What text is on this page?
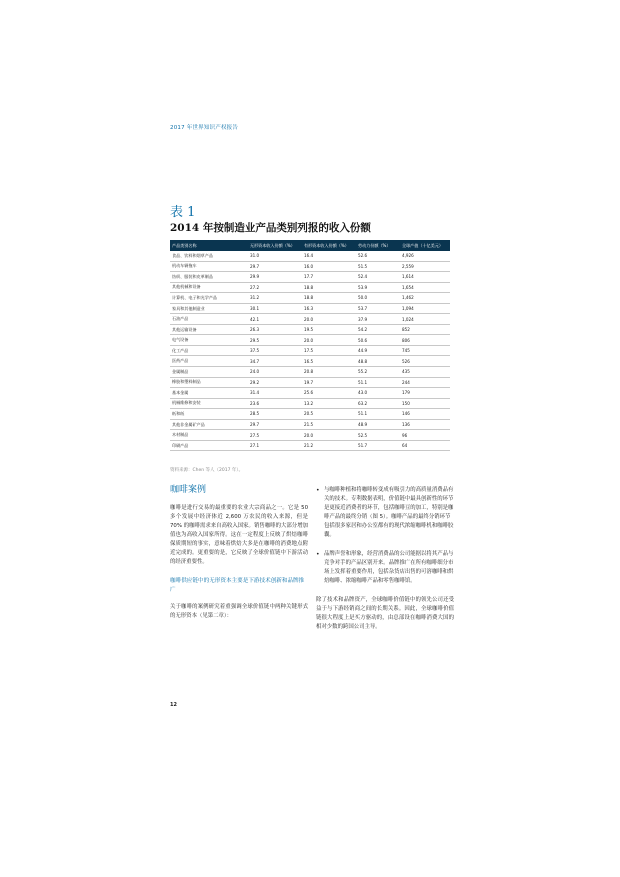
2017 年世界知识产权报告
表 1
2014 年按制造业产品类别列报的收入份额
产品类别名称	无形资本收入份额（%）	有形资本收入份额（%）	劳动力份额（%）	全球产值（十亿美元）
食品、饮料和烟草产品	31.0	16.4	52.6	4,926
机动车辆拖车	29.7	16.0	51.5	2,559
纺织、服装和皮革制品	29.9	17.7	52.4	1,614
其他机械和设备	27.2	18.8	53.9	1,654
计算机、电子和光学产品	31.2	18.8	50.0	1,462
家具和其他制造业	30.1	16.3	53.7	1,094
石油产品	42.1	20.0	37.9	1,024
其他运输设备	26.3	19.5	54.2	852
电气设备	29.5	20.0	50.6	806
化工产品	37.5	17.5	44.9	745
医药产品	34.7	16.5	48.8	526
金属制品	24.0	20.8	55.2	435
橡胶和塑料制品	29.2	19.7	51.1	244
基本金属	31.4	25.6	43.0	179
机械维修和安装	23.6	13.2	63.2	150
纸和纸	28.5	20.5	51.1	146
其他非金属矿产品	29.7	21.5	48.9	136
木材制品	27.5	20.0	52.5	96
印刷产品	27.1	21.2	51.7	64
资料来源：Chen 等人（2017 年）。
咖啡案例

咖啡是进行交易的最重要的农业大宗商品之一。它是 50 多个发展中经济体近 2,600 万农民的收入来源，但是 70% 的咖啡需求来自高收入国家。销售咖啡的大部分增加值也为高收入国家所得。这在一定程度上反映了烘焙咖啡保质期短的事实，意味着烘焙大多是在咖啡的消费地点附近完成的。更重要的是，它反映了全球价值链中下游活动的经济重要性。

咖啡供应链中的无形资本主要是下游技术创新和品牌推广

关于咖啡的案例研究着重强调全球价值链中两种关键形式的无形资本（见第二章）：

• 与咖啡种植和将咖啡转变成有吸引力的高质量消费品有关的技术。专利数据表明，价值链中最具创新性的环节是更接近消费者的环节，包括咖啡豆的加工，特别是咖啡产品的最终分销（图 5）。咖啡产品的最终分销环节包括很多家居和办公室都有的现代浓缩咖啡机和咖啡胶囊。
• 品牌声誉和形象，经营消费品的公司能据以将其产品与竞争对手的产品区别开来。品牌推广在所有咖啡细分市场上发挥着重要作用，包括杂货店出售的可溶咖啡和烘焙咖啡、浓缩咖啡产品和零售咖啡馆。

除了技术和品牌资产，全球咖啡价值链中的领先公司还受益于与下游经销商之间的长期关系。因此，全球咖啡价值链很大程度上是买方驱动的，由总部设在咖啡消费大国的相对少数的跨国公司主导。

12
